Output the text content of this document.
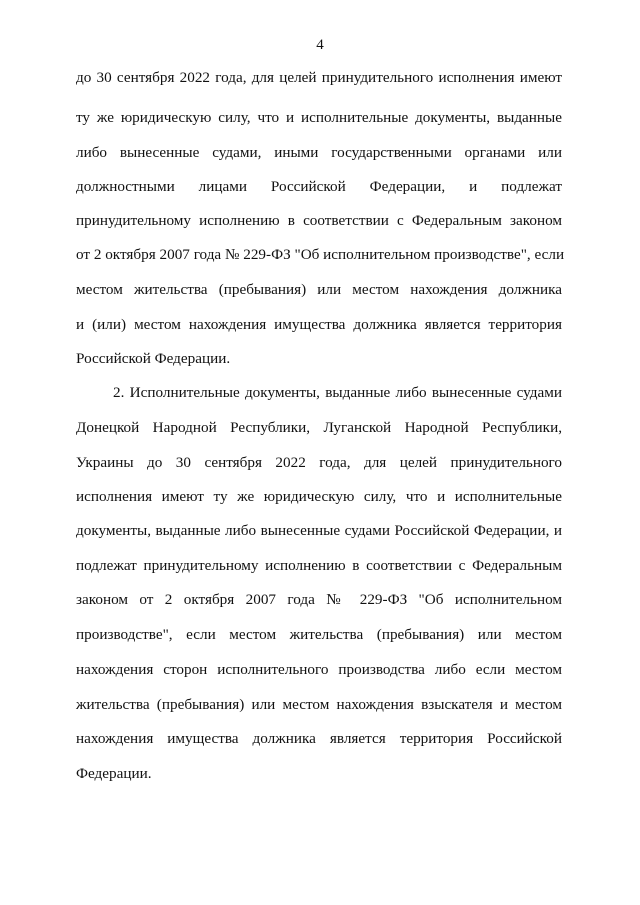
4
до 30 сентября 2022 года, для целей принудительного исполнения имеют
ту же юридическую силу, что и исполнительные документы, выданные
либо вынесенные судами, иными государственными органами или
должностными лицами Российской Федерации, и подлежат
принудительному исполнению в соответствии с Федеральным законом
от 2 октября 2007 года № 229-ФЗ "Об исполнительном производстве", если
местом жительства (пребывания) или местом нахождения должника
и (или) местом нахождения имущества должника является территория
Российской Федерации.
2. Исполнительные документы, выданные либо вынесенные судами
Донецкой Народной Республики, Луганской Народной Республики,
Украины до 30 сентября 2022 года, для целей принудительного
исполнения имеют ту же юридическую силу, что и исполнительные
документы, выданные либо вынесенные судами Российской Федерации, и
подлежат принудительному исполнению в соответствии с Федеральным
законом от 2 октября 2007 года № 229-ФЗ "Об исполнительном
производстве", если местом жительства (пребывания) или местом
нахождения сторон исполнительного производства либо если местом
жительства (пребывания) или местом нахождения взыскателя и местом
нахождения имущества должника является территория Российской
Федерации.
